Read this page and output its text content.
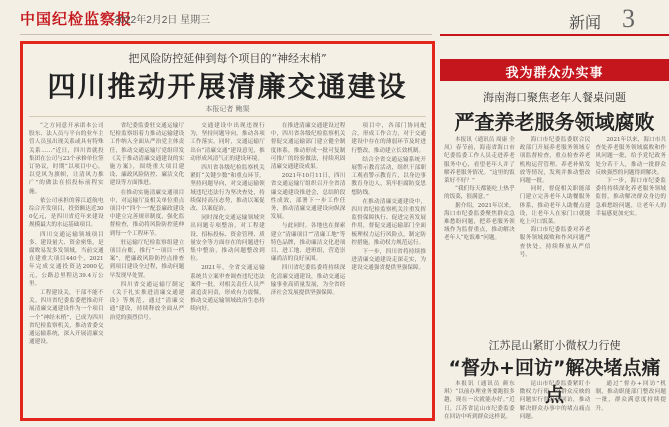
中国纪检监察报
2022年2月2日 星期三	新闻 3
把风险防控延伸到每个项目的“神经末梢”
四川推动开展清廉交通建设
本报记者 鲍渠

“之方同意开承诺本公司股东、法人员与平台的业车主管人员虽出现关系或具有特殊关系……”近日，四川省就投集团在公司与23个承修单位签订协议，时期“以项目中心，以党风为旗帜，让清风力推广”的做法在招投标前程实施。

依公司承担的蓉江道航电综合开发项目，投资额达近300亿元，是四川省近年来建设规模最大的水运基础项目。

四川交通运输领域项目多、建设量大、资金密集，是腐败易发多发领域，当前交通在建重大项目440个，2021年完成交通投资达2000亿元，公路总里程达39.4万公里。

工程建设关，干部不能不关。四川省纪委监委把推动开展清廉交通建设作为一个项目一个“神经末梢”，已成为四川省纪检监察机关，推动省委交通运输系统，深入开展清廉交通建设。

省纪委监委驻交通运输厅纪检监察组着力推动运输建设工作纳入全面从严治党主体责任，推动交通运输厅党组印发《关于推动清廉交通建设的实施方案》，围绕重大项目建设、廉政风险防控、廉洁文化建设等方面推进。

在推动实施清廉交通项目中，对运输厅及相关单位重点项目中“四个一”配套廉政建设中建立完善规章制度，强化监督检查，推动将风险防控延伸到每一个工程环节。

驻运输厅纪检监察组建立项目台账，推行“一项目一档案”，把廉政风险防控点排查到项目建设全过程，推动问题早发现早处置。

四川省交通运输厅制定《关于扎实推进清廉交通建设》等规范，通过“清廉交通”建设，持续释放全面从严治党的强烈信号。

交通建设中出现违规行为，坚持问题导向，推动各项工作落实。同时，交通运输厅出台“清廉交通”建设意见，推动形成风清气正的建设环境。

四川省各级纪检监察机关紧盯“关键少数”和重点环节，坚持问题导向，对交通运输领域违纪违法行为坚决查处，持续保持高压态势，推动以案促改、以案促治。

同时深化交通运输领域突出问题专项整治，对工程建设、招标投标、资金管理、质量安全等方面存在的问题进行集中整治，推动问题整改到位。

2021年，全省交通运输系统共立案审查调查违纪违法案件一批，对相关责任人员严肃追责问责，形成有力震慑，推动交通运输领域政治生态持续向好。

在推进清廉交通建设过程中，四川省各级纪检监察机关督促交通运输部门建立健全制度体系，推动形成一批可复制可推广的经验做法，持续巩固清廉交通建设成果。

2021年10月11日，四川省交通运输厅组织召开全省清廉交通建设推进会，总结阶段性成效，部署下一步工作任务，推动清廉交通建设向纵深发展。

与此同时，各地也在探索建立“清廉项目”“清廉工地”等特色品牌，推动廉洁文化进项目、进工地、进班组，营造崇廉尚洁的良好氛围。

四川省纪委监委将持续深化清廉交通建设，推动交通运输事业高质量发展，为全省经济社会发展提供坚强保障。

项目中，各部门协同配合，形成工作合力，对于交通建设中存在的薄弱环节及时进行整改，推动建立长效机制。

结合全省交通运输系统开展警示教育活动，组织干部职工观看警示教育片，以身边事教育身边人，筑牢拒腐防变思想防线。

在推动清廉交通建设中，四川省纪检监察机关注重发挥监督保障执行、促进完善发展作用，督促交通运输部门全面梳理权力运行风险点，制定防控措施，推动权力规范运行。

下一步，四川省将持续推进清廉交通建设走深走实，为建设交通强省提供坚强保障。

我为群众办实事
海南海口聚焦老年人餐桌问题
严查养老服务领域腐败

本报讯（通讯员 周康 全凤）春节前，海南省海口市纪委监委工作人员走进养老服务中心，看望老年人并了解养老服务情况。“这里的饭菜好不好？”

“我们每天都能吃上热乎的饭菜，很满意。”

据介绍，2021年以来，海口市纪委监委聚焦群众急难愁盼问题，把养老服务领域作为监督重点，推动解决老年人“吃饭难”问题。

海口市纪委监委联合民政部门开展养老服务领域专项监督检查，重点检查养老机构运营管理、养老补贴发放等情况，发现并推动整改问题一批。

同时，督促相关职能部门建立完善老年人助餐服务体系，推动老年人助餐点建设，让老年人在家门口就能吃上可口饭菜。

海口市纪委监委对养老服务领域腐败和作风问题严查快处，持续释放从严信号。

2021年以来，海口市共查处养老服务领域腐败和作风问题一批，给予党纪政务处分若干人，推动一批群众反映强烈的问题得到解决。

下一步，海口市纪委监委将持续深化养老服务领域监督，推动解决群众身边的急难愁盼问题，让老年人的幸福感更加充实。

江苏昆山紧盯小微权力行使
“督办+回访”解决堵点痛点

本报讯（通讯员 颜东琪）“以前办理业务要跑很多趟，现在一次就能办好。”近日，江苏省昆山市纪委监委在回访中听到群众这样说。

昆山市纪委监委紧盯小微权力行使，对群众反映的问题实行督办和回访，推动解决群众办事中的堵点痛点问题。

通过“督办+回访”机制，推动职能部门整改问题一批，群众满意度持续提升。
